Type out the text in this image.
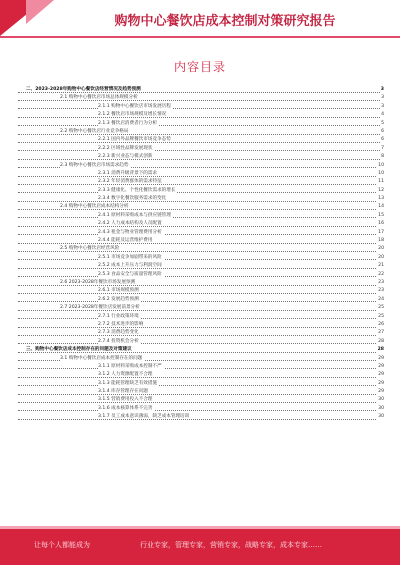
购物中心餐饮店成本控制对策研究报告
内容目录
二、2023-2028年购物中心餐饮店经营情况及趋势预测	3
2.1 购物中心餐饮店市场总体规模分析	3
2.1.1 购物中心餐饮店市场发展历程	3
2.1.2 餐饮店市场规模及增长情况	4
2.1.3 餐饮店消费者行为分析	5
2.2 购物中心餐饮店行业竞争格局	6
2.2.1 国内外品牌餐饮市场竞争态势	6
2.2.2 区域性品牌发展现状	7
2.2.3 新兴业态与模式创新	8
2.3 购物中心餐饮店市场需求趋势	10
2.3.1 消费升级背景下的需求	10
2.3.2 年轻消费群体的需求特征	11
2.3.3 健康化、个性化餐饮需求的增长	12
2.3.4 数字化餐饮服务需求的变化	13
2.4 购物中心餐饮店成本结构分析	14
2.4.1 原材料采购成本与供应链管理	15
2.4.2 人力成本结构及人员配置	16
2.4.3 租金与物业管理费用分析	17
2.4.4 能耗及运营维护费用	18
2.5 购物中心餐饮店经营风险	20
2.5.1 市场竞争加剧带来的风险	20
2.5.2 成本上升压力与利润空间	21
2.5.3 食品安全与质量管理风险	22
2.6 2023-2028年餐饮市场发展预测	23
2.6.1 市场规模预测	23
2.6.2 发展趋势预测	24
2.7 2023-2028年餐饮店发展前景分析	25
2.7.1 行业政策环境	25
2.7.2 技术进步的影响	26
2.7.3 消费趋势变化	27
2.7.4 投资机会分析	28
三、购物中心餐饮店成本控制存在的问题及对策建议	28
3.1 购物中心餐饮店成本控制存在的问题	29
3.1.1 原材料采购成本控制不严	29
3.1.2 人力资源配置不合理	29
3.1.3 能耗管理缺乏有效措施	29
3.1.4 库存管理存在问题	29
3.1.5 营销费用投入不合理	30
3.1.6 成本核算体系不完善	30
3.1.7 员工成本意识薄弱，缺乏成本管理培训	30
让每个人都能成为	行业专家，管理专家，营销专家，战略专家，成本专家……
